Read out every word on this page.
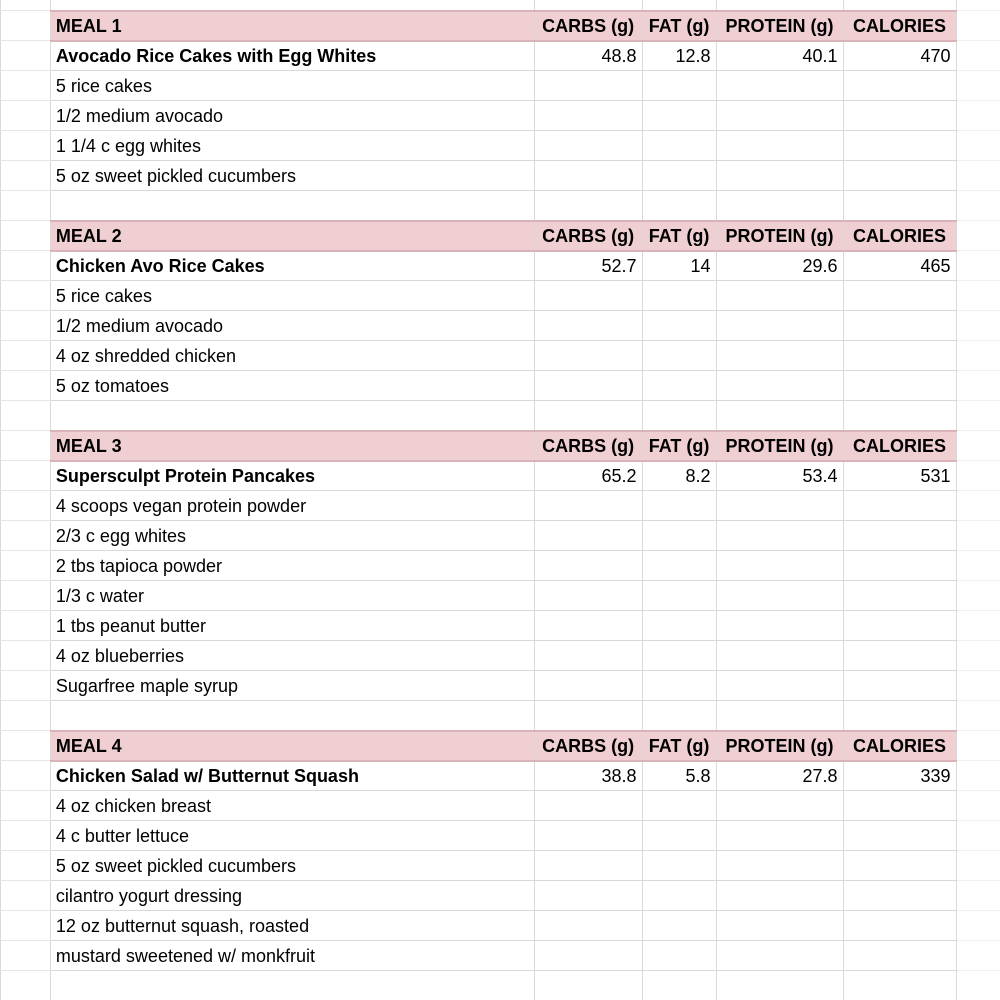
	MEAL 1	CARBS (g)	FAT (g)	PROTEIN (g)	CALORIES	
	Avocado Rice Cakes with Egg Whites	48.8	12.8	40.1	470	
	5 rice cakes					
	1/2 medium avocado					
	1 1/4 c egg whites					
	5 oz sweet pickled cucumbers					

	MEAL 2	CARBS (g)	FAT (g)	PROTEIN (g)	CALORIES	
	Chicken Avo Rice Cakes	52.7	14	29.6	465	
	5 rice cakes					
	1/2 medium avocado					
	4 oz shredded chicken					
	5 oz tomatoes					

	MEAL 3	CARBS (g)	FAT (g)	PROTEIN (g)	CALORIES	
	Supersculpt Protein Pancakes	65.2	8.2	53.4	531	
	4 scoops vegan protein powder					
	2/3 c egg whites					
	2 tbs tapioca powder					
	1/3 c water					
	1 tbs peanut butter					
	4 oz blueberries					
	Sugarfree maple syrup					

	MEAL 4	CARBS (g)	FAT (g)	PROTEIN (g)	CALORIES	
	Chicken Salad w/ Butternut Squash	38.8	5.8	27.8	339	
	4 oz chicken breast					
	4 c butter lettuce					
	5 oz sweet pickled cucumbers					
	cilantro yogurt dressing					
	12 oz butternut squash, roasted					
	mustard sweetened w/ monkfruit					
